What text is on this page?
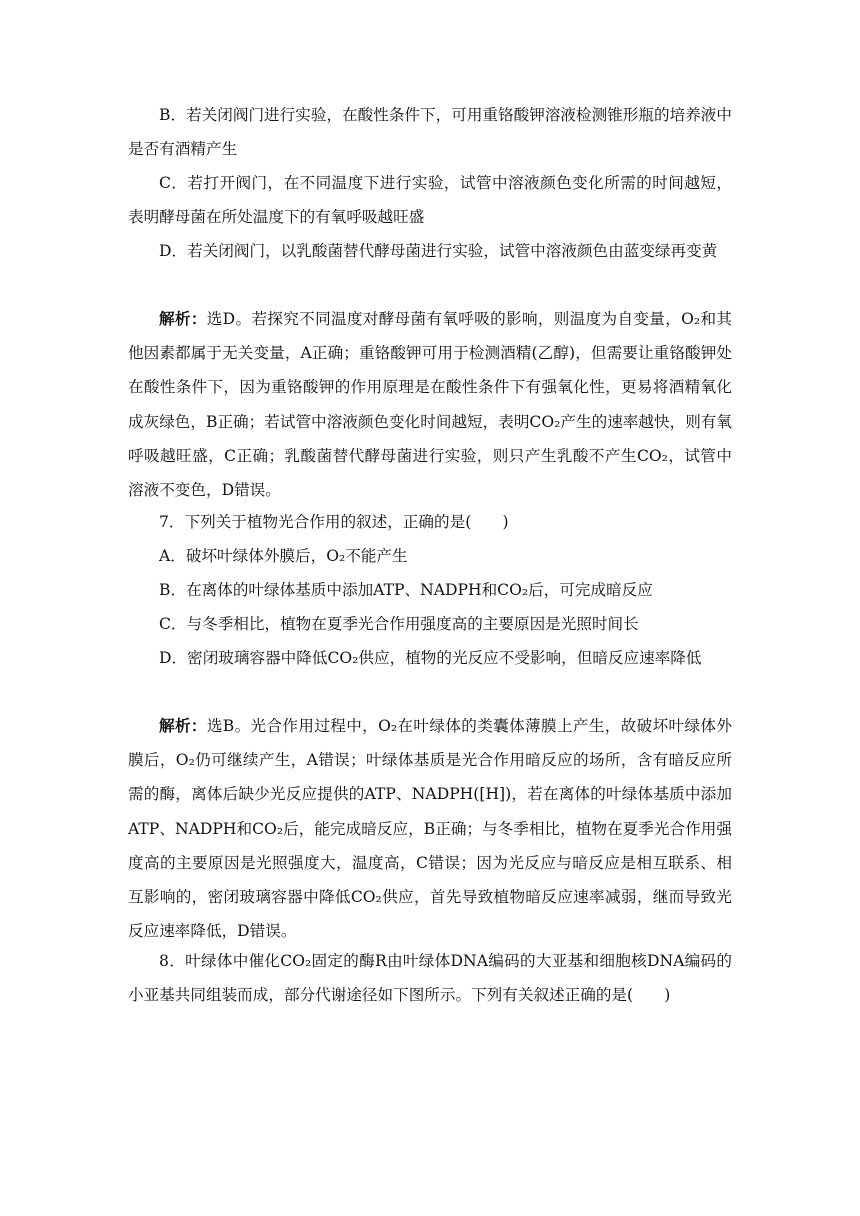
B．若关闭阀门进行实验，在酸性条件下，可用重铬酸钾溶液检测锥形瓶的培养液中是否有酒精产生

C．若打开阀门，在不同温度下进行实验，试管中溶液颜色变化所需的时间越短，表明酵母菌在所处温度下的有氧呼吸越旺盛

D．若关闭阀门，以乳酸菌替代酵母菌进行实验，试管中溶液颜色由蓝变绿再变黄

解析：选D。若探究不同温度对酵母菌有氧呼吸的影响，则温度为自变量，O₂和其他因素都属于无关变量，A正确；重铬酸钾可用于检测酒精(乙醇)，但需要让重铬酸钾处在酸性条件下，因为重铬酸钾的作用原理是在酸性条件下有强氧化性，更易将酒精氧化成灰绿色，B正确；若试管中溶液颜色变化时间越短，表明CO₂产生的速率越快，则有氧呼吸越旺盛，C正确；乳酸菌替代酵母菌进行实验，则只产生乳酸不产生CO₂，试管中溶液不变色，D错误。

7．下列关于植物光合作用的叙述，正确的是(　　)

A．破坏叶绿体外膜后，O₂不能产生

B．在离体的叶绿体基质中添加ATP、NADPH和CO₂后，可完成暗反应

C．与冬季相比，植物在夏季光合作用强度高的主要原因是光照时间长

D．密闭玻璃容器中降低CO₂供应，植物的光反应不受影响，但暗反应速率降低

解析：选B。光合作用过程中，O₂在叶绿体的类囊体薄膜上产生，故破坏叶绿体外膜后，O₂仍可继续产生，A错误；叶绿体基质是光合作用暗反应的场所，含有暗反应所需的酶，离体后缺少光反应提供的ATP、NADPH([H])，若在离体的叶绿体基质中添加ATP、NADPH和CO₂后，能完成暗反应，B正确；与冬季相比，植物在夏季光合作用强度高的主要原因是光照强度大，温度高，C错误；因为光反应与暗反应是相互联系、相互影响的，密闭玻璃容器中降低CO₂供应，首先导致植物暗反应速率减弱，继而导致光反应速率降低，D错误。

8．叶绿体中催化CO₂固定的酶R由叶绿体DNA编码的大亚基和细胞核DNA编码的小亚基共同组装而成，部分代谢途径如下图所示。下列有关叙述正确的是(　　)
